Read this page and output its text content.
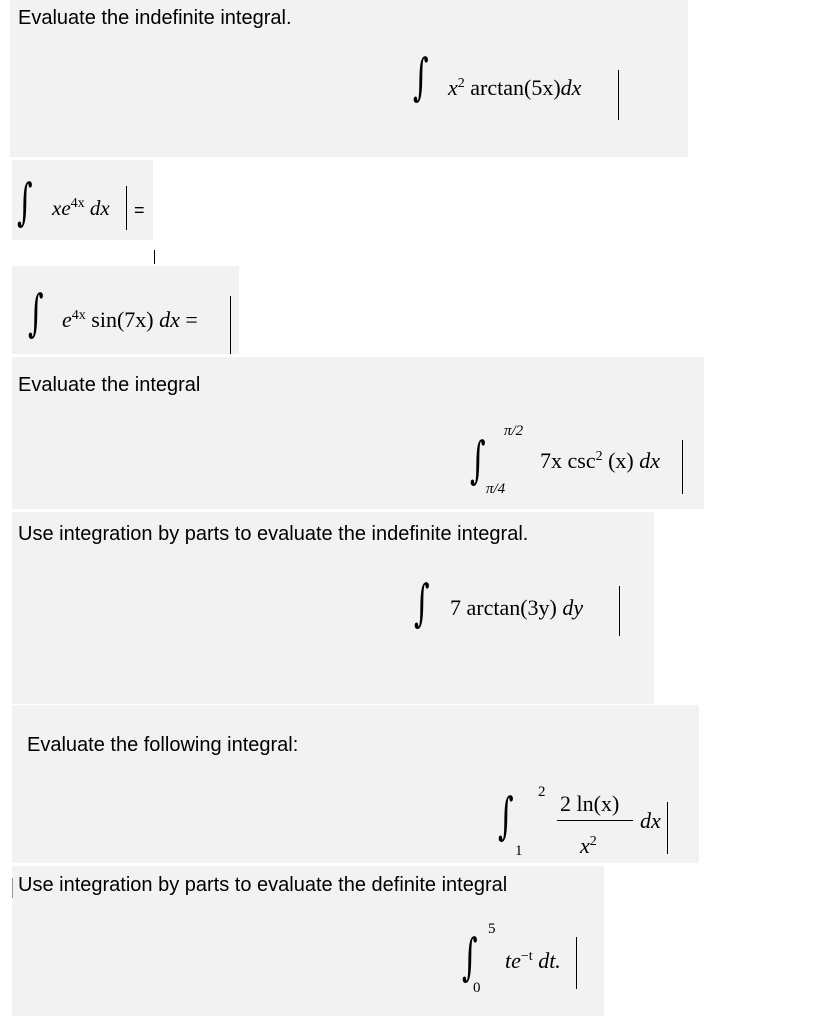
Evaluate the indefinite integral.
∫ $x^2$ arctan(5x)dx
∫ $xe^{4x}$ dx =
∫ $e^{4x}$ sin(7x) dx =
Evaluate the integral
∫ π/2
π/4
7x $\csc^2 (x)$ dx
Use integration by parts to evaluate the indefinite integral.
∫ 7 arctan(3y) dy
Evaluate the following integral:
∫ 2
1
2 ln(x)
$x^2$
dx
Use integration by parts to evaluate the definite integral
∫ 5
0
$te^{-t}$ dt.
